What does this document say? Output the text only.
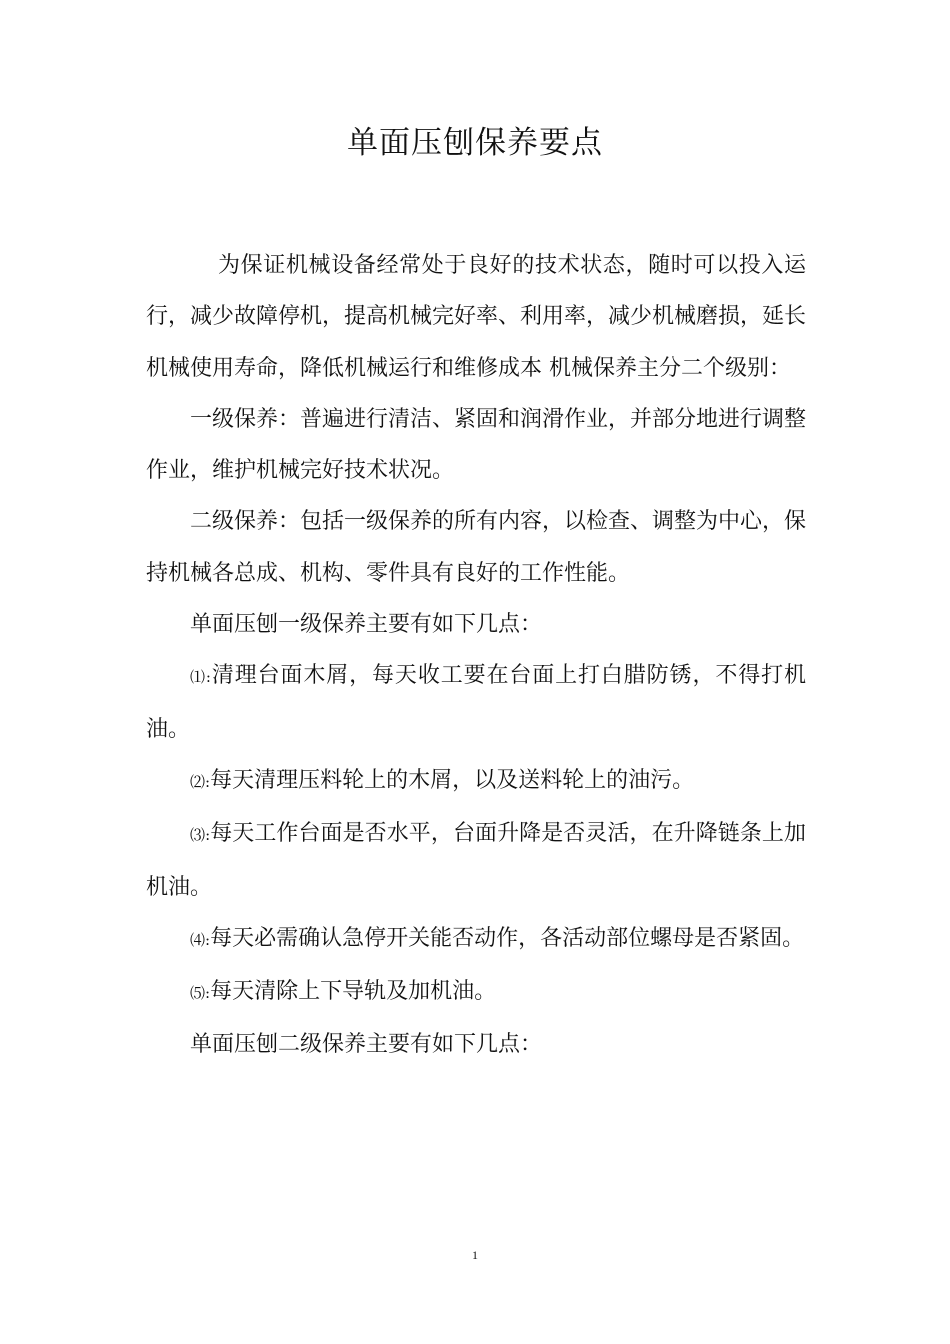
单面压刨保养要点

为保证机械设备经常处于良好的技术状态，随时可以投入运行，减少故障停机，提高机械完好率、利用率，减少机械磨损，延长机械使用寿命，降低机械运行和维修成本 机械保养主分二个级别：

一级保养：普遍进行清洁、紧固和润滑作业，并部分地进行调整作业，维护机械完好技术状况。

二级保养：包括一级保养的所有内容，以检查、调整为中心，保持机械各总成、机构、零件具有良好的工作性能。

单面压刨一级保养主要有如下几点：

⑴:清理台面木屑，每天收工要在台面上打白腊防锈，不得打机油。

⑵:每天清理压料轮上的木屑，以及送料轮上的油污。

⑶:每天工作台面是否水平，台面升降是否灵活，在升降链条上加机油。

⑷:每天必需确认急停开关能否动作，各活动部位螺母是否紧固。

⑸:每天清除上下导轨及加机油。

单面压刨二级保养主要有如下几点：

1
